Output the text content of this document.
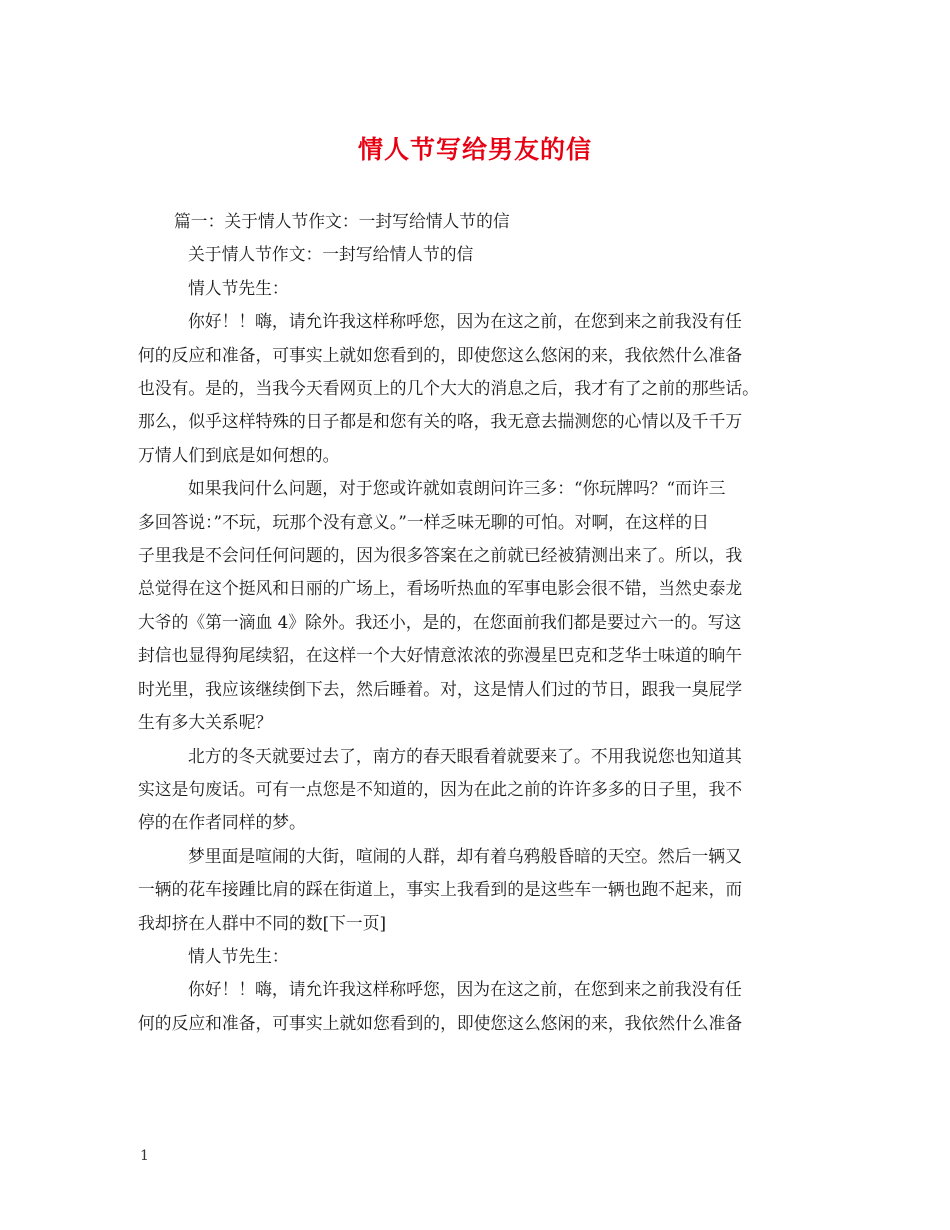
情人节写给男友的信
篇一：关于情人节作文：一封写给情人节的信
关于情人节作文：一封写给情人节的信
情人节先生：
你好！！嗨，请允许我这样称呼您，因为在这之前，在您到来之前我没有任
何的反应和准备，可事实上就如您看到的，即使您这么悠闲的来，我依然什么准备
也没有。是的，当我今天看网页上的几个大大的消息之后，我才有了之前的那些话。
那么，似乎这样特殊的日子都是和您有关的咯，我无意去揣测您的心情以及千千万
万情人们到底是如何想的。
如果我问什么问题，对于您或许就如袁朗问许三多：“你玩牌吗？“而许三
多回答说：”不玩，玩那个没有意义。”一样乏味无聊的可怕。对啊，在这样的日
子里我是不会问任何问题的，因为很多答案在之前就已经被猜测出来了。所以，我
总觉得在这个挺风和日丽的广场上，看场听热血的军事电影会很不错，当然史泰龙
大爷的《第一滴血 4》除外。我还小，是的，在您面前我们都是要过六一的。写这
封信也显得狗尾续貂，在这样一个大好情意浓浓的弥漫星巴克和芝华士味道的晌午
时光里，我应该继续倒下去，然后睡着。对，这是情人们过的节日，跟我一臭屁学
生有多大关系呢？
北方的冬天就要过去了，南方的春天眼看着就要来了。不用我说您也知道其
实这是句废话。可有一点您是不知道的，因为在此之前的许许多多的日子里，我不
停的在作者同样的梦。
梦里面是喧闹的大街，喧闹的人群，却有着乌鸦般昏暗的天空。然后一辆又
一辆的花车接踵比肩的踩在街道上，事实上我看到的是这些车一辆也跑不起来，而
我却挤在人群中不同的数[下一页]
情人节先生：
你好！！嗨，请允许我这样称呼您，因为在这之前，在您到来之前我没有任
何的反应和准备，可事实上就如您看到的，即使您这么悠闲的来，我依然什么准备
1
